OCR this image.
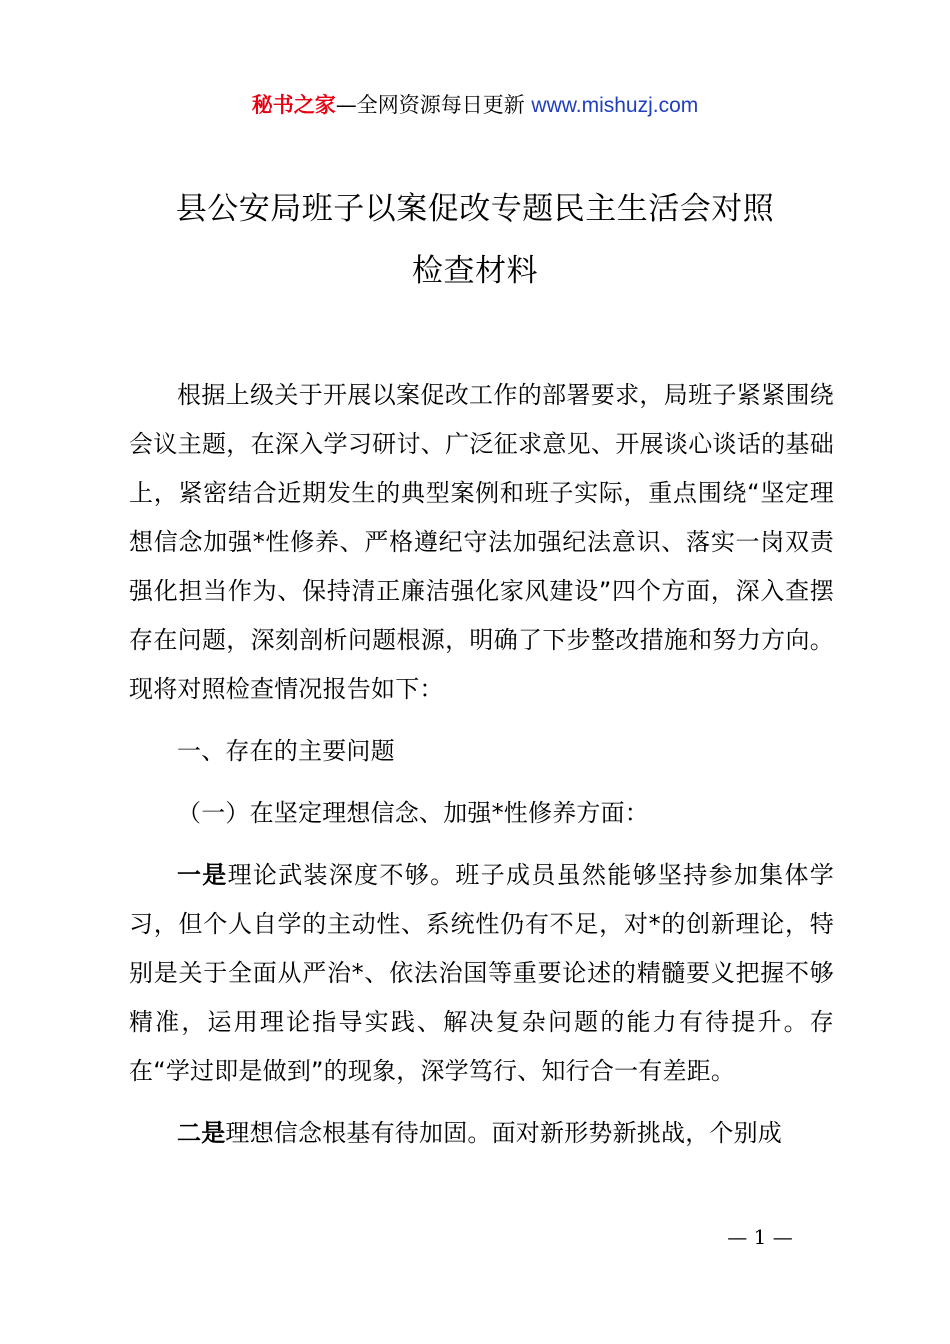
秘书之家—全网资源每日更新 www.mishuzj.com
县公安局班子以案促改专题民主生活会对照
检查材料

根据上级关于开展以案促改工作的部署要求，局班子紧紧围绕会议主题，在深入学习研讨、广泛征求意见、开展谈心谈话的基础上，紧密结合近期发生的典型案例和班子实际，重点围绕“坚定理想信念加强*性修养、严格遵纪守法加强纪法意识、落实一岗双责强化担当作为、保持清正廉洁强化家风建设”四个方面，深入查摆存在问题，深刻剖析问题根源，明确了下步整改措施和努力方向。现将对照检查情况报告如下：

一、存在的主要问题

（一）在坚定理想信念、加强*性修养方面：

一是理论武装深度不够。班子成员虽然能够坚持参加集体学习，但个人自学的主动性、系统性仍有不足，对*的创新理论，特别是关于全面从严治*、依法治国等重要论述的精髓要义把握不够精准，运用理论指导实践、解决复杂问题的能力有待提升。存在“学过即是做到”的现象，深学笃行、知行合一有差距。

二是理想信念根基有待加固。面对新形势新挑战，个别成

— 1 —
